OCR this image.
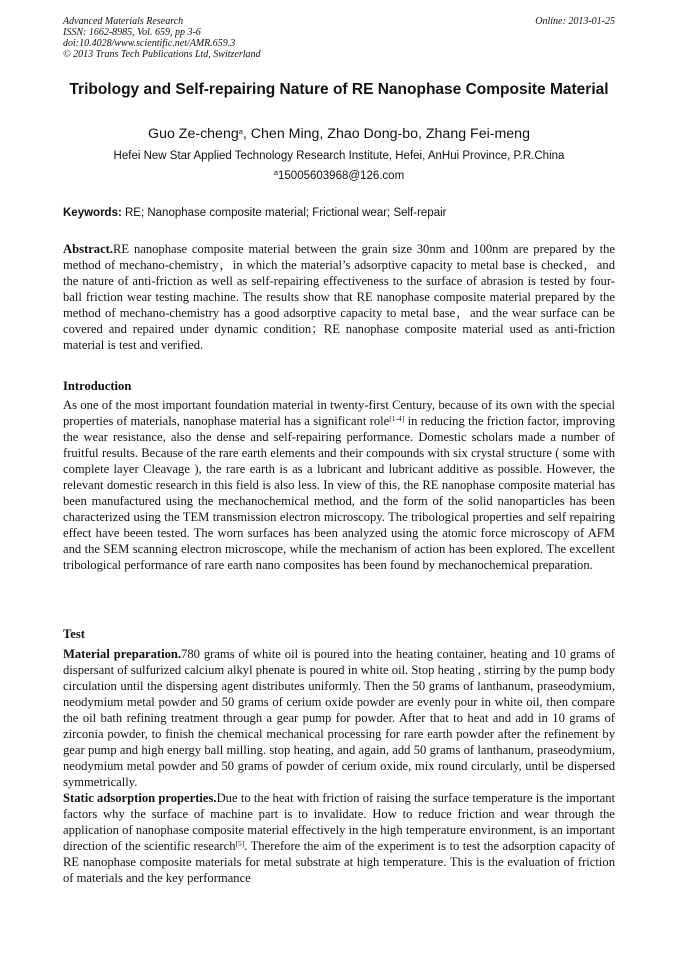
Advanced Materials Research
ISSN: 1662-8985, Vol. 659, pp 3-6
doi:10.4028/www.scientific.net/AMR.659.3
© 2013 Trans Tech Publications Ltd, Switzerland
Online: 2013-01-25
Tribology and Self-repairing Nature of RE Nanophase Composite Material
Guo Ze-cheng$^a$, Chen Ming, Zhao Dong-bo, Zhang Fei-meng
Hefei New Star Applied Technology Research Institute, Hefei, AnHui Province, P.R.China
$^a$15005603968@126.com
Keywords: RE; Nanophase composite material; Frictional wear; Self-repair

Abstract.RE nanophase composite material between the grain size 30nm and 100nm are prepared by the method of mechano-chemistry，in which the material’s adsorptive capacity to metal base is checked，and the nature of anti-friction as well as self-repairing effectiveness to the surface of abrasion is tested by four-ball friction wear testing machine. The results show that RE nanophase composite material prepared by the method of mechano-chemistry has a good adsorptive capacity to metal base，and the wear surface can be covered and repaired under dynamic condition；RE nanophase composite material used as anti-friction material is test and verified.

Introduction

As one of the most important foundation material in twenty-first Century, because of its own with the special properties of materials, nanophase material has a significant role[1-4] in reducing the friction factor, improving the wear resistance, also the dense and self-repairing performance. Domestic scholars made a number of fruitful results. Because of the rare earth elements and their compounds with six crystal structure ( some with complete layer Cleavage ), the rare earth is as a lubricant and lubricant additive as possible. However, the relevant domestic research in this field is also less. In view of this, the RE nanophase composite material has been manufactured using the mechanochemical method, and the form of the solid nanoparticles has been characterized using the TEM transmission electron microscopy. The tribological properties and self repairing effect have beeen tested. The worn surfaces has been analyzed using the atomic force microscopy of AFM and the SEM scanning electron microscope, while the mechanism of action has been explored. The excellent tribological performance of rare earth nano composites has been found by mechanochemical preparation.

Test

Material preparation.780 grams of white oil is poured into the heating container, heating and 10 grams of dispersant of sulfurized calcium alkyl phenate is poured in white oil. Stop heating , stirring by the pump body circulation until the dispersing agent distributes uniformly. Then the 50 grams of lanthanum, praseodymium, neodymium metal powder and 50 grams of cerium oxide powder are evenly pour in white oil, then compare the oil bath refining treatment through a gear pump for powder. After that to heat and add in 10 grams of zirconia powder, to finish the chemical mechanical processing for rare earth powder after the refinement by gear pump and high energy ball milling. stop heating, and again, add 50 grams of lanthanum, praseodymium, neodymium metal powder and 50 grams of powder of cerium oxide, mix round circularly, until be dispersed symmetrically.

Static adsorption properties.Due to the heat with friction of raising the surface temperature is the important factors why the surface of machine part is to invalidate. How to reduce friction and wear through the application of nanophase composite material effectively in the high temperature environment, is an important direction of the scientific research[5]. Therefore the aim of the experiment is to test the adsorption capacity of RE nanophase composite materials for metal substrate at high temperature. This is the evaluation of friction of materials and the key performance
